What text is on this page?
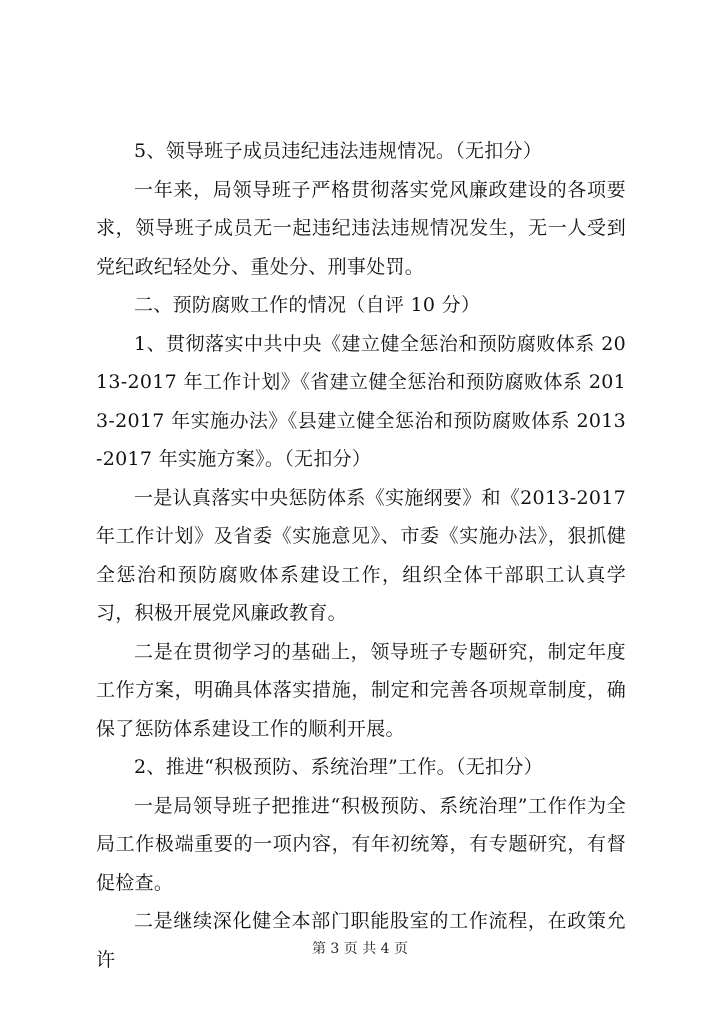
5、领导班子成员违纪违法违规情况。（无扣分）

一年来，局领导班子严格贯彻落实党风廉政建设的各项要求，领导班子成员无一起违纪违法违规情况发生，无一人受到党纪政纪轻处分、重处分、刑事处罚。

二、预防腐败工作的情况（自评 10 分）

1、贯彻落实中共中央《建立健全惩治和预防腐败体系 2013-2017 年工作计划》《省建立健全惩治和预防腐败体系 2013-2017 年实施办法》《县建立健全惩治和预防腐败体系 2013-2017 年实施方案》。（无扣分）

一是认真落实中央惩防体系《实施纲要》和《2013-2017 年工作计划》及省委《实施意见》、市委《实施办法》，狠抓健全惩治和预防腐败体系建设工作，组织全体干部职工认真学习，积极开展党风廉政教育。

二是在贯彻学习的基础上，领导班子专题研究，制定年度工作方案，明确具体落实措施，制定和完善各项规章制度，确保了惩防体系建设工作的顺利开展。

2、推进“积极预防、系统治理”工作。（无扣分）

一是局领导班子把推进“积极预防、系统治理”工作作为全局工作极端重要的一项内容，有年初统筹，有专题研究，有督促检查。

二是继续深化健全本部门职能股室的工作流程，在政策允许	第 3 页 共 4 页
